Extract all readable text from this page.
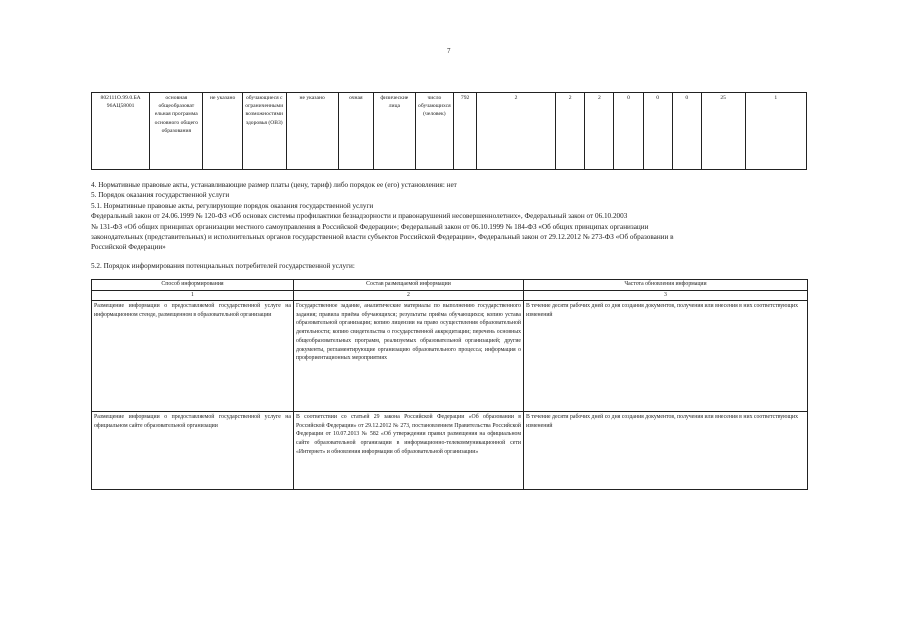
7
802111О.99.0.БА 96АЦ58001	основная общеобразоват ельная программа основного общего образования	не указано	обучающиеся с ограниченными возможностями здоровья (ОВЗ)	не указано	очная	физические лица	число обучающихся (человек)	792	2	2	2	0	0	0	25	1
4. Нормативные правовые акты, устанавливающие размер платы (цену, тариф) либо порядок ее (его) установления: нет
5. Порядок оказания государственной услуги
5.1. Нормативные правовые акты, регулирующие порядок оказания государственной услуги
Федеральный закон от 24.06.1999 № 120-ФЗ «Об основах системы профилактики безнадзорности и правонарушений несовершеннолетних», Федеральный закон от 06.10.2003
№ 131-ФЗ «Об общих принципах организации местного самоуправления в Российской Федерации»; Федеральный закон от 06.10.1999 № 184-ФЗ «Об общих принципах организации
законодательных (представительных) и исполнительных органов государственной власти субъектов Российской Федерации», Федеральный закон от 29.12.2012 № 273-ФЗ «Об образовании в
Российской Федерации»
5.2. Порядок информирования потенциальных потребителей государственной услуги:
Способ информирования	Состав размещаемой информации	Частота обновления информации
1	2	3
Размещение информации о предоставляемой государственной услуге на информационном стенде, размещенном в образовательной организации	Государственное задание, аналитические материалы по выполнению государственного задания; правила приёма обучающихся; результаты приёма обучающихся; копию устава образовательной организации; копию лицензии на право осуществления образовательной деятельности; копию свидетельства о государственной аккредитации; перечень основных общеобразовательных программ, реализуемых образовательной организацией; другие документы, регламентирующие организацию образовательного процесса; информация о профориентационных мероприятиях	В течение десяти рабочих дней со дня создания документов, получения или внесения в них соответствующих изменений
Размещение информации о предоставляемой государственной услуге на официальном сайте образовательной организации	В соответствии со статьей 29 закона Российской Федерации «Об образовании в Российской Федерации» от 29.12.2012 № 273, постановлением Правительства Российской Федерации от 10.07.2013 № 582 «Об утверждении правил размещения на официальном сайте образовательной организации в информационно-телекоммуникационной сети «Интернет» и обновления информации об образовательной организации»	В течение десяти рабочих дней со дня создания документов, получения или внесения в них соответствующих изменений
